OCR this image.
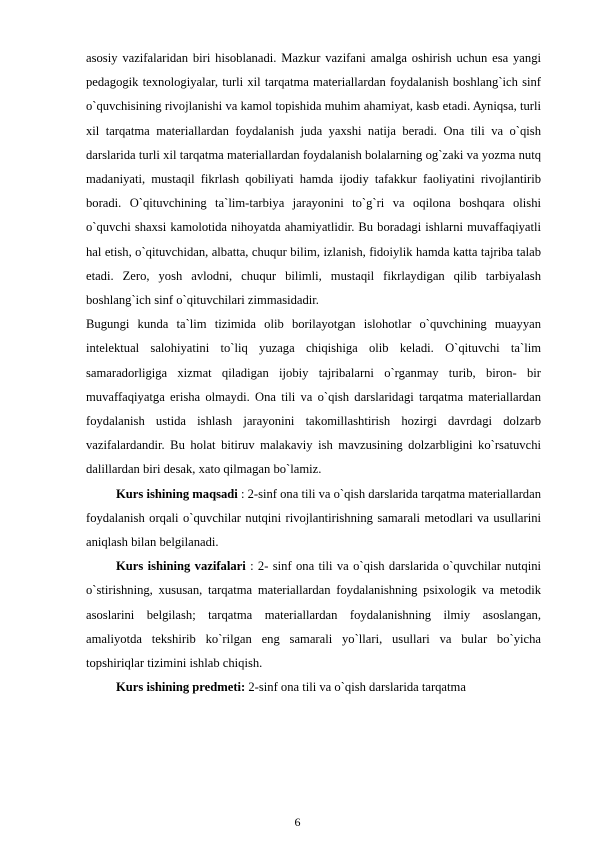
asosiy vazifalaridan biri hisoblanadi. Mazkur vazifani amalga oshirish uchun esa yangi pedagogik texnologiyalar, turli xil tarqatma materiallardan foydalanish boshlang`ich sinf o`quvchisining rivojlanishi va kamol topishida muhim ahamiyat, kasb etadi. Ayniqsa, turli xil tarqatma materiallardan foydalanish juda yaxshi natija beradi. Ona tili va o`qish darslarida turli xil tarqatma materiallardan foydalanish bolalarning og`zaki va yozma nutq madaniyati, mustaqil fikrlash qobiliyati hamda ijodiy tafakkur faoliyatini rivojlantirib boradi. O`qituvchining ta`lim-tarbiya jarayonini to`g`ri va oqilona boshqara olishi o`quvchi shaxsi kamolotida nihoyatda ahamiyatlidir. Bu boradagi ishlarni muvaffaqiyatli hal etish, o`qituvchidan, albatta, chuqur bilim, izlanish, fidoiylik hamda katta tajriba talab etadi. Zero, yosh avlodni, chuqur bilimli, mustaqil fikrlaydigan qilib tarbiyalash boshlang`ich sinf o`qituvchilari zimmasidadir.

Bugungi kunda ta`lim tizimida olib borilayotgan islohotlar o`quvchining muayyan intelektual salohiyatini to`liq yuzaga chiqishiga olib keladi. O`qituvchi ta`lim samaradorligiga xizmat qiladigan ijobiy tajribalarni o`rganmay turib, biron- bir muvaffaqiyatga erisha olmaydi. Ona tili va o`qish darslaridagi tarqatma materiallardan foydalanish ustida ishlash jarayonini takomillashtirish hozirgi davrdagi dolzarb vazifalardandir. Bu holat bitiruv malakaviy ish mavzusining dolzarbligini ko`rsatuvchi dalillardan biri desak, xato qilmagan bo`lamiz.

Kurs ishining maqsadi : 2-sinf ona tili va o`qish darslarida tarqatma materiallardan foydalanish orqali o`quvchilar nutqini rivojlantirishning samarali metodlari va usullarini aniqlash bilan belgilanadi.

Kurs ishining vazifalari : 2- sinf ona tili va o`qish darslarida o`quvchilar nutqini o`stirishning, xususan, tarqatma materiallardan foydalanishning psixologik va metodik asoslarini belgilash; tarqatma materiallardan foydalanishning ilmiy asoslangan, amaliyotda tekshirib ko`rilgan eng samarali yo`llari, usullari va bular bo`yicha topshiriqlar tizimini ishlab chiqish.

Kurs ishining predmeti: 2-sinf ona tili va o`qish darslarida tarqatma

6
